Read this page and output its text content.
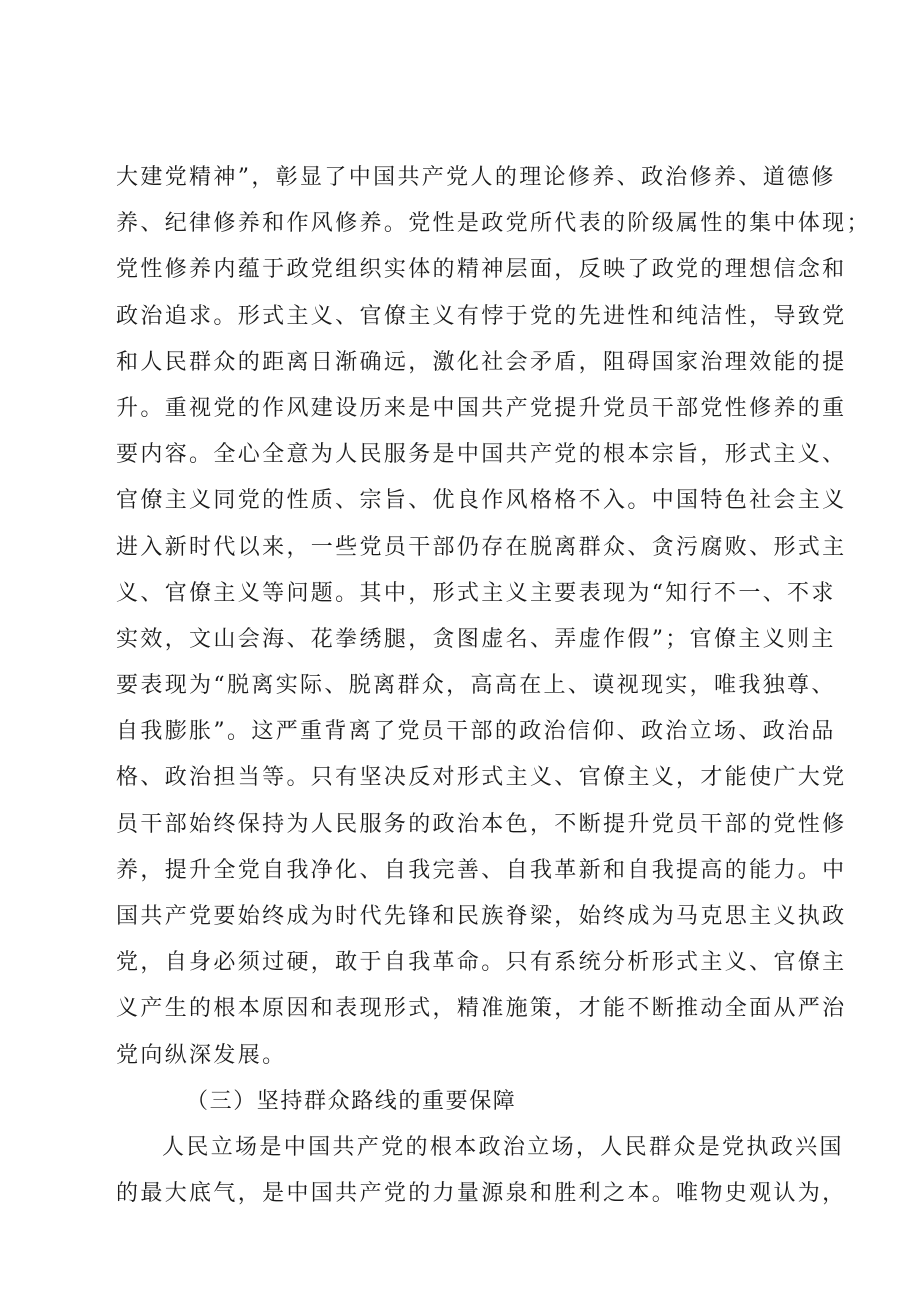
大建党精神”，彰显了中国共产党人的理论修养、政治修养、道德修
养、纪律修养和作风修养。党性是政党所代表的阶级属性的集中体现；
党性修养内蕴于政党组织实体的精神层面，反映了政党的理想信念和
政治追求。形式主义、官僚主义有悖于党的先进性和纯洁性，导致党
和人民群众的距离日渐确远，激化社会矛盾，阻碍国家治理效能的提
升。重视党的作风建设历来是中国共产党提升党员干部党性修养的重
要内容。全心全意为人民服务是中国共产党的根本宗旨，形式主义、
官僚主义同党的性质、宗旨、优良作风格格不入。中国特色社会主义
进入新时代以来，一些党员干部仍存在脱离群众、贪污腐败、形式主
义、官僚主义等问题。其中，形式主义主要表现为“知行不一、不求
实效，文山会海、花拳绣腿，贪图虚名、弄虚作假”；官僚主义则主
要表现为“脱离实际、脱离群众，高高在上、谟视现实，唯我独尊、
自我膨胀”。这严重背离了党员干部的政治信仰、政治立场、政治品
格、政治担当等。只有坚决反对形式主义、官僚主义，才能使广大党
员干部始终保持为人民服务的政治本色，不断提升党员干部的党性修
养，提升全党自我净化、自我完善、自我革新和自我提高的能力。中
国共产党要始终成为时代先锋和民族脊梁，始终成为马克思主义执政
党，自身必须过硬，敢于自我革命。只有系统分析形式主义、官僚主
义产生的根本原因和表现形式，精准施策，才能不断推动全面从严治
党向纵深发展。
（三）坚持群众路线的重要保障
人民立场是中国共产党的根本政治立场，人民群众是党执政兴国
的最大底气，是中国共产党的力量源泉和胜利之本。唯物史观认为，
